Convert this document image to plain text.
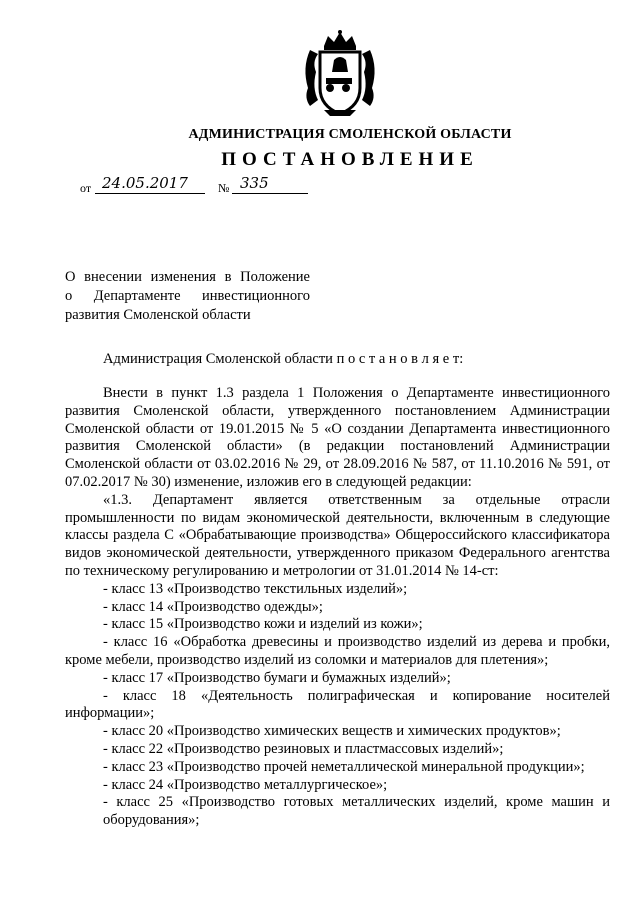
АДМИНИСТРАЦИЯ СМОЛЕНСКОЙ ОБЛАСТИ
ПОСТАНОВЛЕНИЕ
от 24.05.2017	№ 335
О внесении изменения в Положение
о Департаменте инвестиционного
развития Смоленской области
Администрация Смоленской области п о с т а н о в л я е т:

Внести в пункт 1.3 раздела 1 Положения о Департаменте инвестиционного развития Смоленской области, утвержденного постановлением Администрации Смоленской области от 19.01.2015 № 5 «О создании Департамента инвестиционного развития Смоленской области» (в редакции постановлений Администрации Смоленской области от 03.02.2016 № 29, от 28.09.2016 № 587, от 11.10.2016 № 591, от 07.02.2017 № 30) изменение, изложив его в следующей редакции:

«1.3. Департамент является ответственным за отдельные отрасли промышленности по видам экономической деятельности, включенным в следующие классы раздела C «Обрабатывающие производства» Общероссийского классификатора видов экономической деятельности, утвержденного приказом Федерального агентства по техническому регулированию и метрологии от 31.01.2014 № 14-ст:

- класс 13 «Производство текстильных изделий»;

- класс 14 «Производство одежды»;

- класс 15 «Производство кожи и изделий из кожи»;

- класс 16 «Обработка древесины и производство изделий из дерева и пробки, кроме мебели, производство изделий из соломки и материалов для плетения»;

- класс 17 «Производство бумаги и бумажных изделий»;

- класс 18 «Деятельность полиграфическая и копирование носителей информации»;

- класс 20 «Производство химических веществ и химических продуктов»;

- класс 22 «Производство резиновых и пластмассовых изделий»;

- класс 23 «Производство прочей неметаллической минеральной продукции»;

- класс 24 «Производство металлургическое»;

- класс 25 «Производство готовых металлических изделий, кроме машин и оборудования»;
